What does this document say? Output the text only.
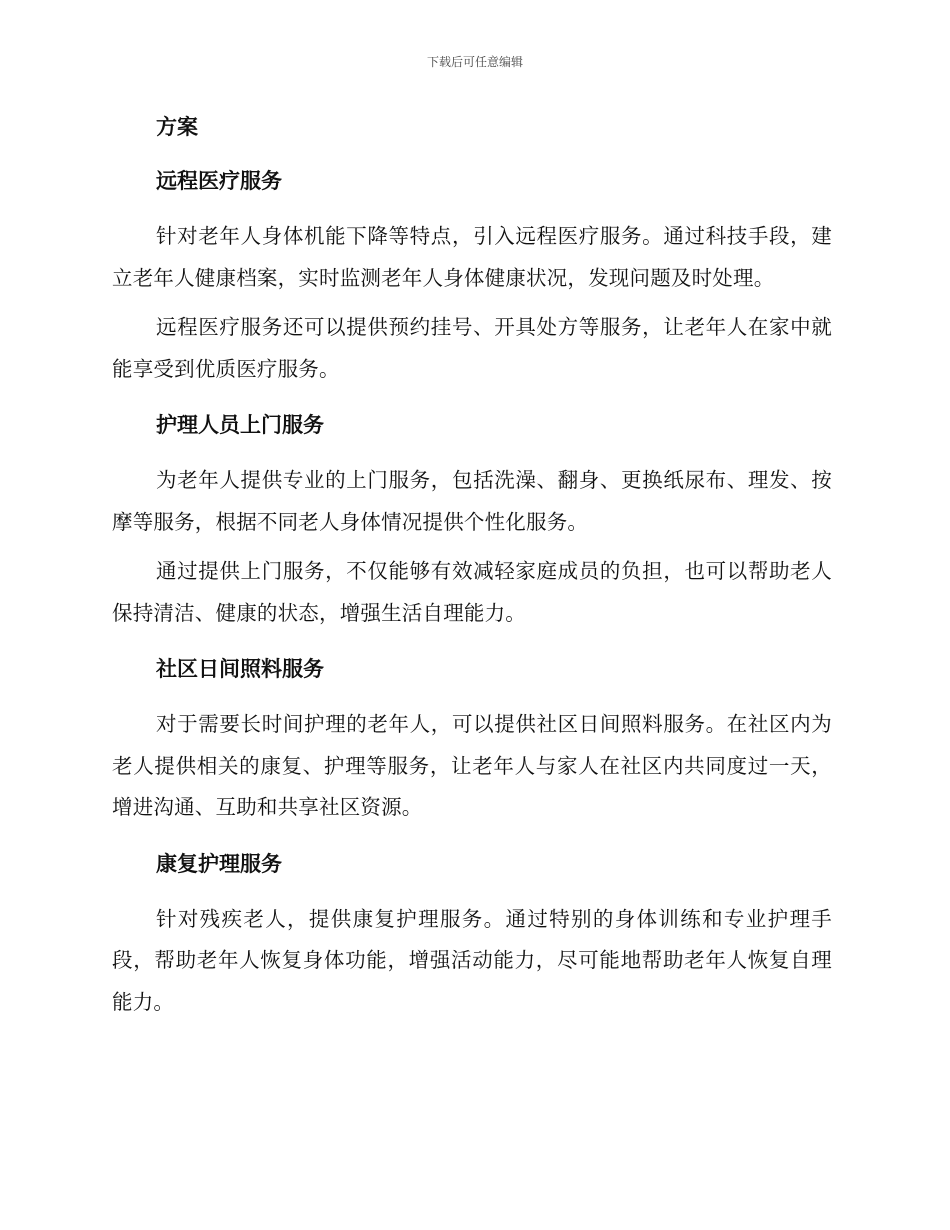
下载后可任意编辑
方案
远程医疗服务

针对老年人身体机能下降等特点，引入远程医疗服务。通过科技手段，建立老年人健康档案，实时监测老年人身体健康状况，发现问题及时处理。

远程医疗服务还可以提供预约挂号、开具处方等服务，让老年人在家中就能享受到优质医疗服务。

护理人员上门服务

为老年人提供专业的上门服务，包括洗澡、翻身、更换纸尿布、理发、按摩等服务，根据不同老人身体情况提供个性化服务。

通过提供上门服务，不仅能够有效减轻家庭成员的负担，也可以帮助老人保持清洁、健康的状态，增强生活自理能力。

社区日间照料服务

对于需要长时间护理的老年人，可以提供社区日间照料服务。在社区内为老人提供相关的康复、护理等服务，让老年人与家人在社区内共同度过一天，增进沟通、互助和共享社区资源。

康复护理服务

针对残疾老人，提供康复护理服务。通过特别的身体训练和专业护理手段，帮助老年人恢复身体功能，增强活动能力，尽可能地帮助老年人恢复自理能力。
